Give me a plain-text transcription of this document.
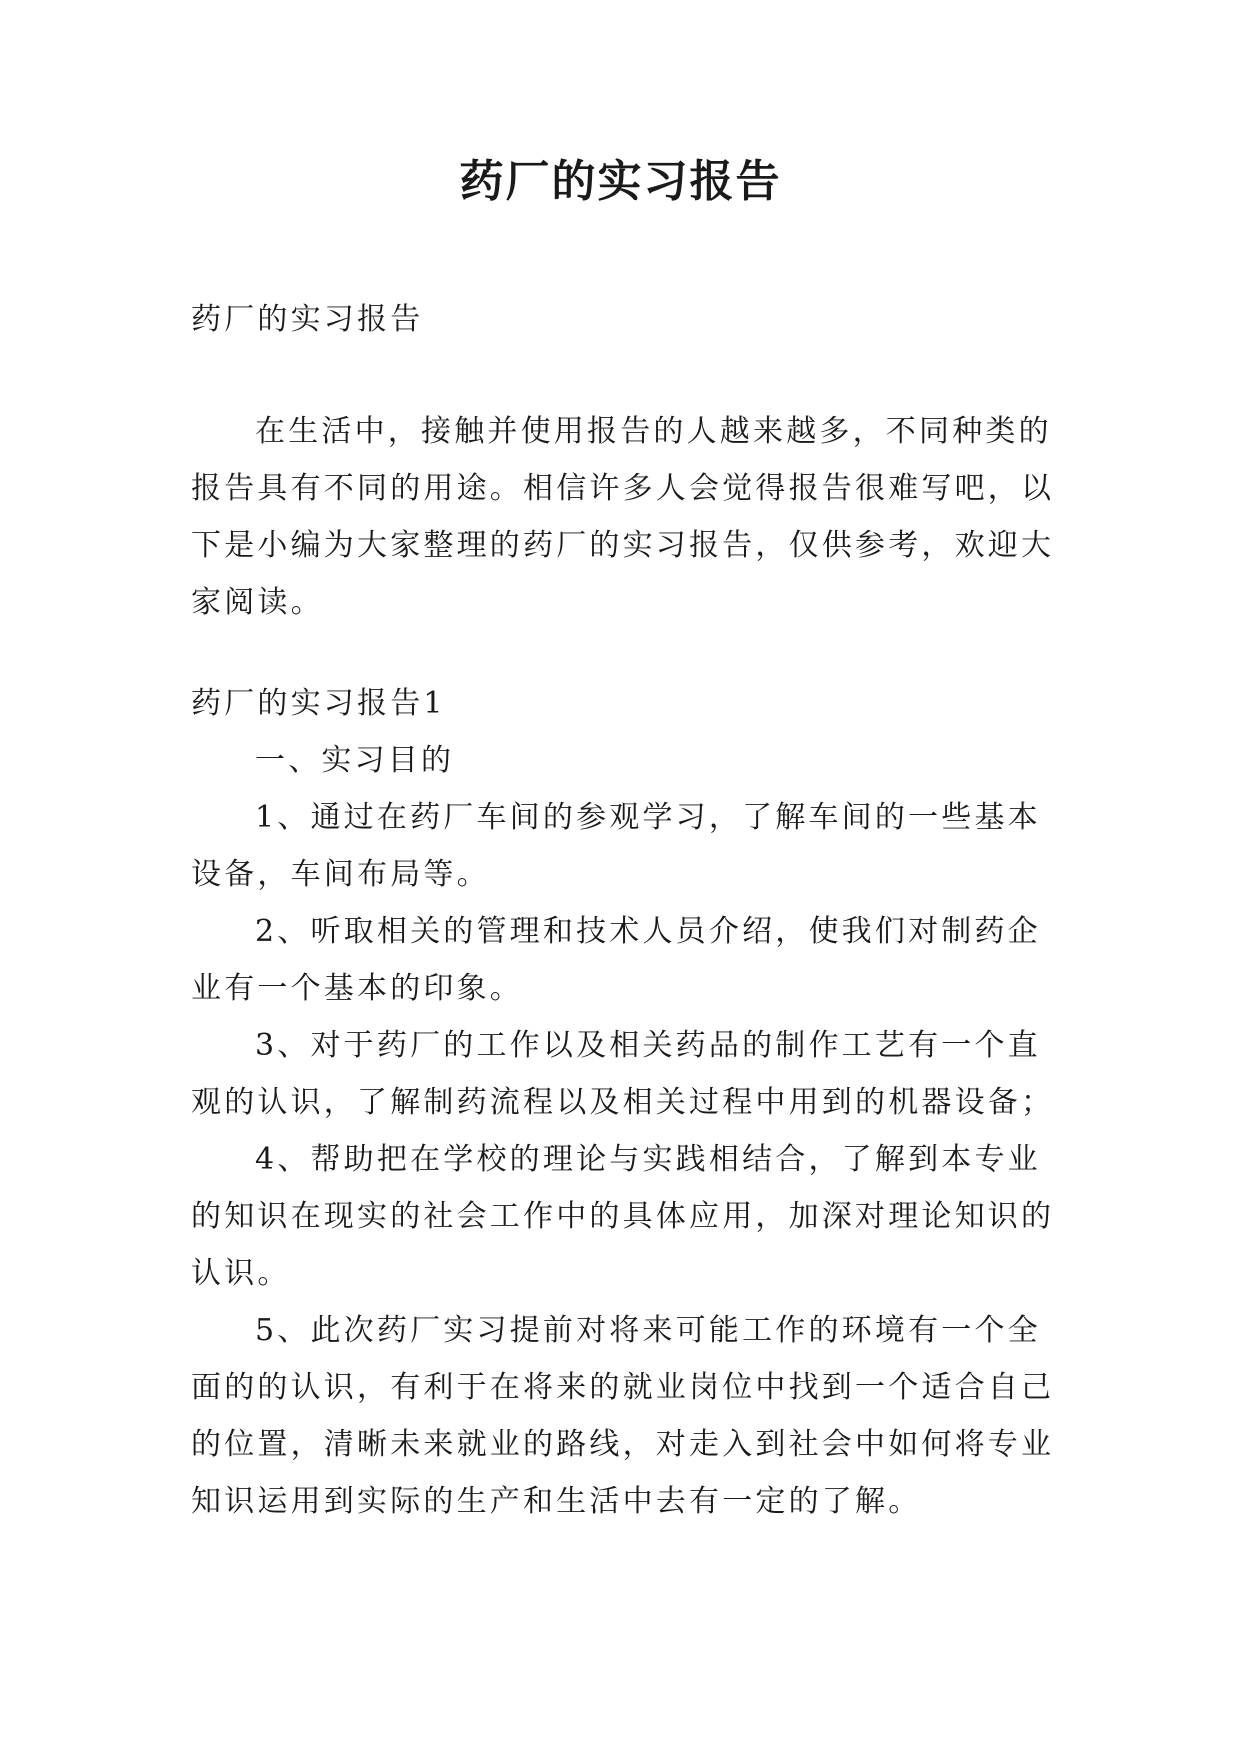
药厂的实习报告

药厂的实习报告

在生活中，接触并使用报告的人越来越多，不同种类的报告具有不同的用途。相信许多人会觉得报告很难写吧，以下是小编为大家整理的药厂的实习报告，仅供参考，欢迎大家阅读。

药厂的实习报告1

一、实习目的

1、通过在药厂车间的参观学习，了解车间的一些基本设备，车间布局等。

2、听取相关的管理和技术人员介绍，使我们对制药企业有一个基本的印象。

3、对于药厂的工作以及相关药品的制作工艺有一个直观的认识，了解制药流程以及相关过程中用到的机器设备；

4、帮助把在学校的理论与实践相结合，了解到本专业的知识在现实的社会工作中的具体应用，加深对理论知识的认识。

5、此次药厂实习提前对将来可能工作的环境有一个全面的的认识，有利于在将来的就业岗位中找到一个适合自己的位置，清晰未来就业的路线，对走入到社会中如何将专业知识运用到实际的生产和生活中去有一定的了解。
